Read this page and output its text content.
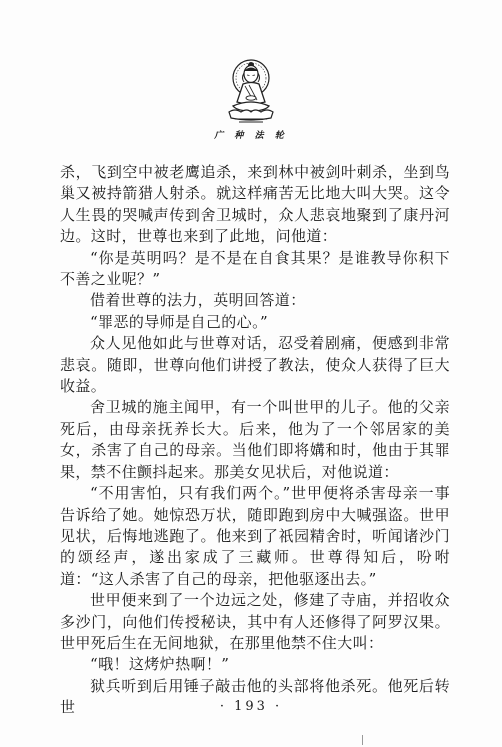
广 种 法 轮

杀，飞到空中被老鹰追杀，来到林中被剑叶刺杀，坐到鸟巢又被持箭猎人射杀。就这样痛苦无比地大叫大哭。这令人生畏的哭喊声传到舍卫城时，众人悲哀地聚到了康丹河边。这时，世尊也来到了此地，问他道：

“你是英明吗？是不是在自食其果？是谁教导你积下不善之业呢？”

借着世尊的法力，英明回答道：

“罪恶的导师是自己的心。”

众人见他如此与世尊对话，忍受着剧痛，便感到非常悲哀。随即，世尊向他们讲授了教法，使众人获得了巨大收益。

舍卫城的施主闻甲，有一个叫世甲的儿子。他的父亲死后，由母亲抚养长大。后来，他为了一个邻居家的美女，杀害了自己的母亲。当他们即将媾和时，他由于其罪果，禁不住颤抖起来。那美女见状后，对他说道：

“不用害怕，只有我们两个。”世甲便将杀害母亲一事告诉给了她。她惊恐万状，随即跑到房中大喊强盗。世甲见状，后悔地逃跑了。他来到了祇园精舍时，听闻诸沙门的颂经声，遂出家成了三藏师。世尊得知后，吩咐道：“这人杀害了自己的母亲，把他驱逐出去。”

世甲便来到了一个边远之处，修建了寺庙，并招收众多沙门，向他们传授秘诀，其中有人还修得了阿罗汉果。世甲死后生在无间地狱，在那里他禁不住大叫：

“哦！这烤炉热啊！”

狱兵听到后用锤子敲击他的头部将他杀死。他死后转世	· 193 ·
